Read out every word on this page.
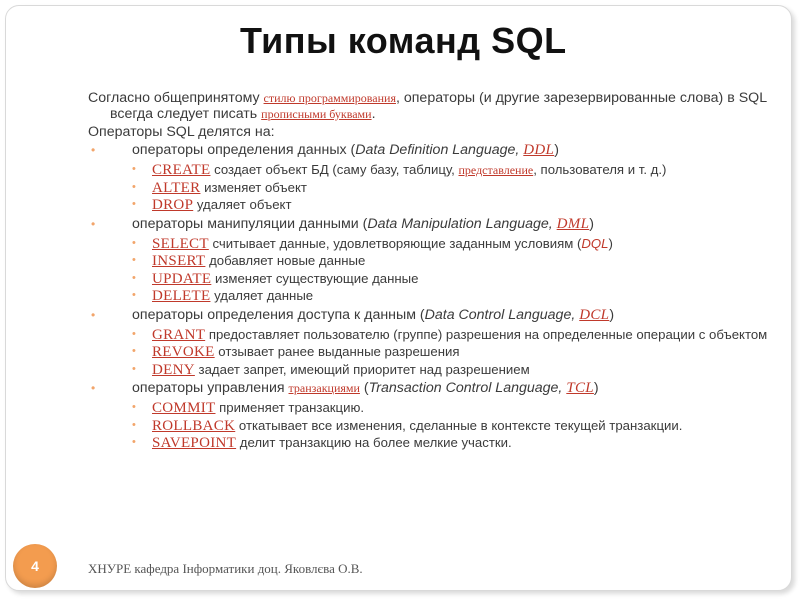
Типы команд SQL
Согласно общепринятому стилю программирования, операторы (и другие зарезервированные слова) в SQL всегда следует писать прописными буквами.
Операторы SQL делятся на:
•	операторы определения данных (Data Definition Language, DDL)
• CREATE создает объект БД (саму базу, таблицу, представление, пользователя и т. д.)
• ALTER изменяет объект
• DROP удаляет объект
•	операторы манипуляции данными (Data Manipulation Language, DML)
• SELECT считывает данные, удовлетворяющие заданным условиям (DQL)
• INSERT добавляет новые данные
• UPDATE изменяет существующие данные
• DELETE удаляет данные
•	операторы определения доступа к данным (Data Control Language, DCL)
• GRANT предоставляет пользователю (группе) разрешения на определенные операции с объектом
• REVOKE отзывает ранее выданные разрешения
• DENY задает запрет, имеющий приоритет над разрешением
•	операторы управления транзакциями (Transaction Control Language, TCL)
• COMMIT применяет транзакцию.
• ROLLBACK откатывает все изменения, сделанные в контексте текущей транзакции.
• SAVEPOINT делит транзакцию на более мелкие участки.
4	ХНУРЕ кафедра Інформатики доц. Яковлєва О.В.
